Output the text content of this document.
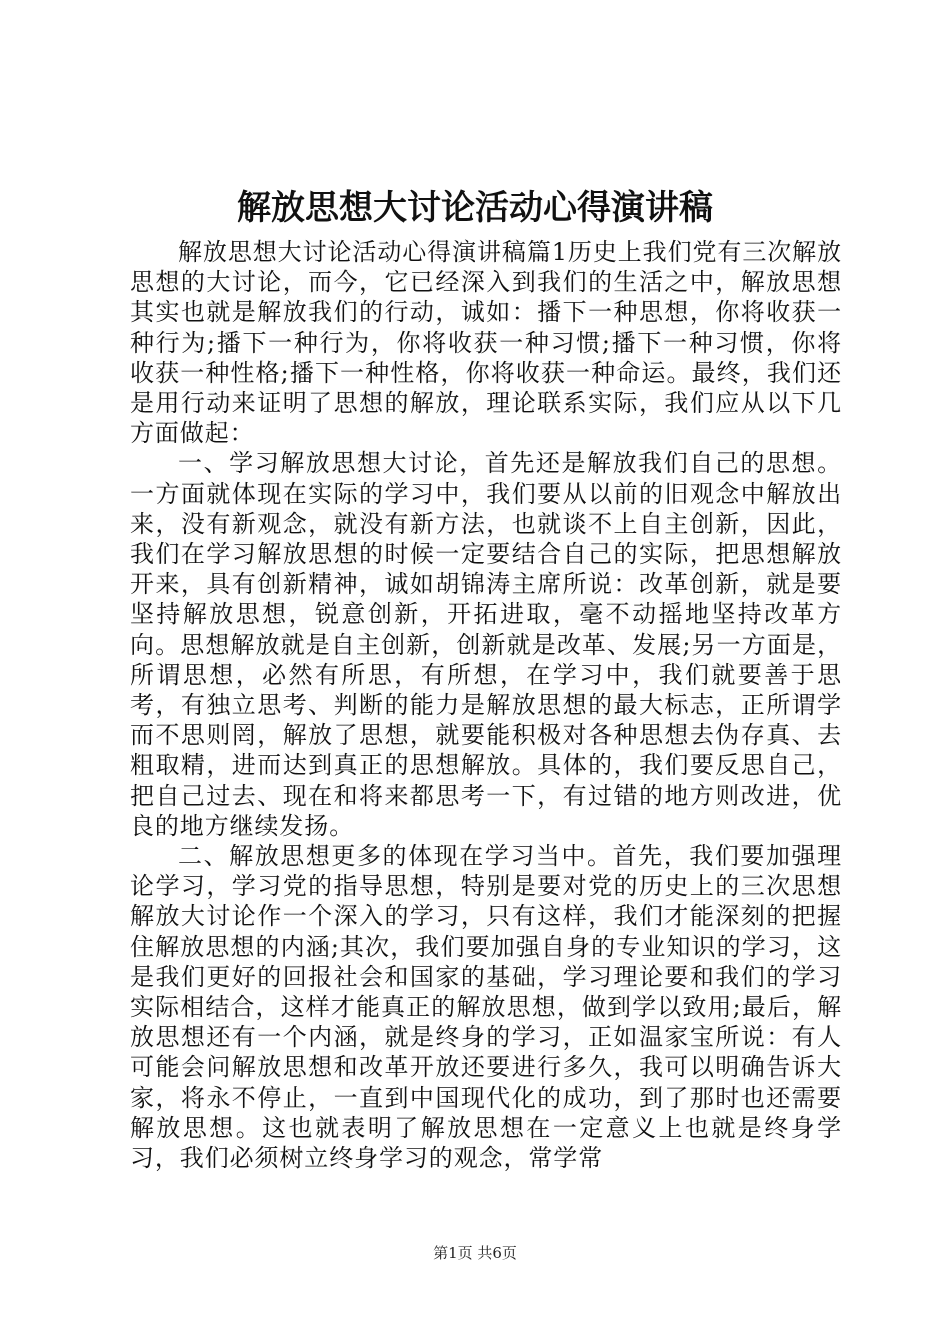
解放思想大讨论活动心得演讲稿

解放思想大讨论活动心得演讲稿篇1历史上我们党有三次解放思想的大讨论，而今，它已经深入到我们的生活之中，解放思想其实也就是解放我们的行动，诚如：播下一种思想，你将收获一种行为;播下一种行为，你将收获一种习惯;播下一种习惯，你将收获一种性格;播下一种性格，你将收获一种命运。最终，我们还是用行动来证明了思想的解放，理论联系实际，我们应从以下几方面做起：

一、学习解放思想大讨论，首先还是解放我们自己的思想。一方面就体现在实际的学习中，我们要从以前的旧观念中解放出来，没有新观念，就没有新方法，也就谈不上自主创新，因此，我们在学习解放思想的时候一定要结合自己的实际，把思想解放开来，具有创新精神，诚如胡锦涛主席所说：改革创新，就是要坚持解放思想，锐意创新，开拓进取，毫不动摇地坚持改革方向。思想解放就是自主创新，创新就是改革、发展;另一方面是，所谓思想，必然有所思，有所想，在学习中，我们就要善于思考，有独立思考、判断的能力是解放思想的最大标志，正所谓学而不思则罔，解放了思想，就要能积极对各种思想去伪存真、去粗取精，进而达到真正的思想解放。具体的，我们要反思自己，把自己过去、现在和将来都思考一下，有过错的地方则改进，优良的地方继续发扬。

二、解放思想更多的体现在学习当中。首先，我们要加强理论学习，学习党的指导思想，特别是要对党的历史上的三次思想解放大讨论作一个深入的学习，只有这样，我们才能深刻的把握住解放思想的内涵;其次，我们要加强自身的专业知识的学习，这是我们更好的回报社会和国家的基础，学习理论要和我们的学习实际相结合，这样才能真正的解放思想，做到学以致用;最后，解放思想还有一个内涵，就是终身的学习，正如温家宝所说：有人可能会问解放思想和改革开放还要进行多久，我可以明确告诉大家，将永不停止，一直到中国现代化的成功，到了那时也还需要解放思想。这也就表明了解放思想在一定意义上也就是终身学习，我们必须树立终身学习的观念，常学常

第1页 共6页
